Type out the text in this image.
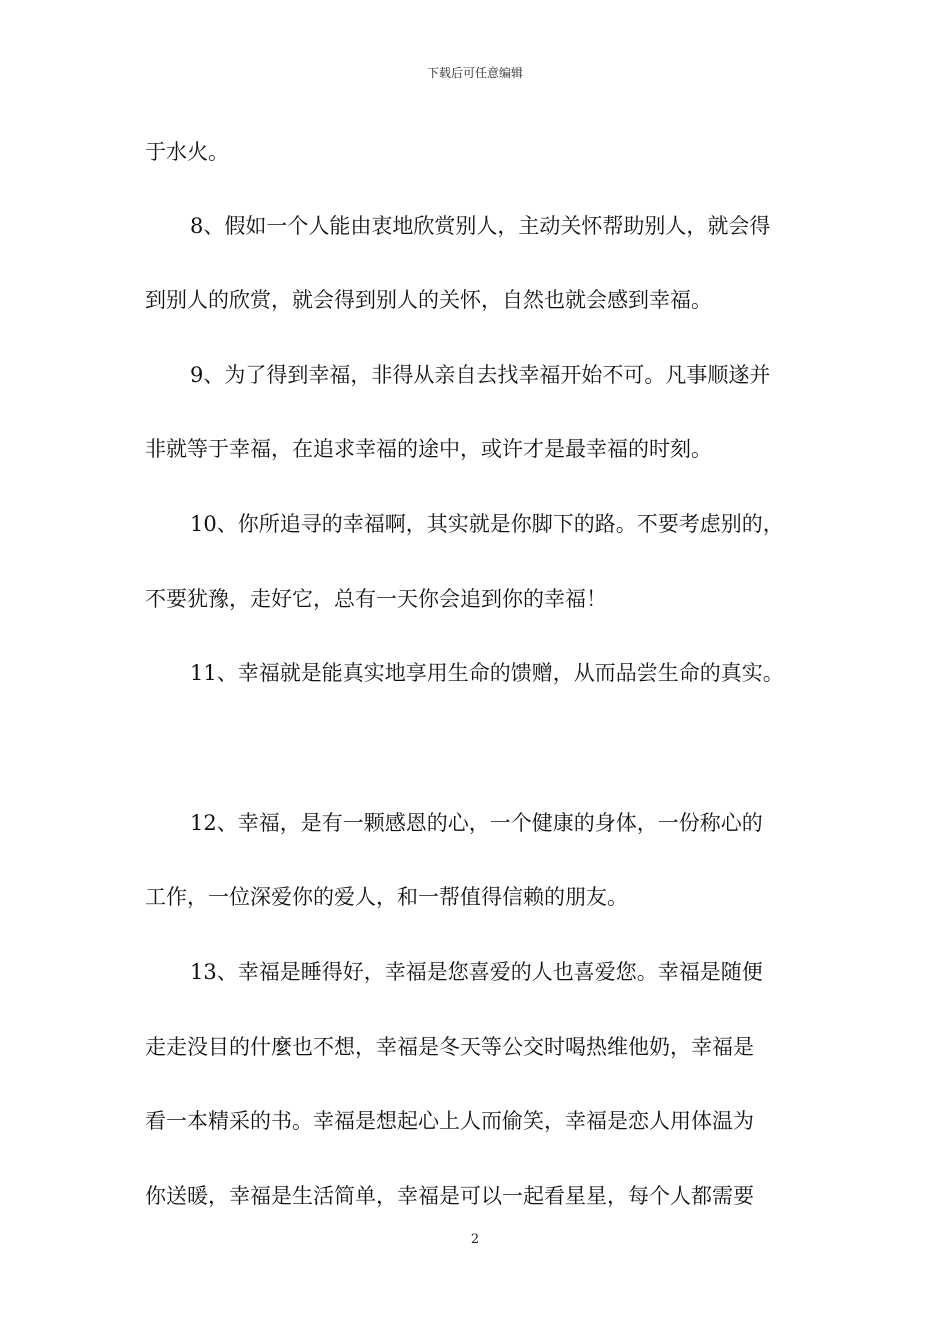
下载后可任意编辑
于水火。
8、假如一个人能由衷地欣赏别人，主动关怀帮助别人，就会得
到别人的欣赏，就会得到别人的关怀，自然也就会感到幸福。
9、为了得到幸福，非得从亲自去找幸福开始不可。凡事顺遂并
非就等于幸福，在追求幸福的途中，或许才是最幸福的时刻。
10、你所追寻的幸福啊，其实就是你脚下的路。不要考虑别的，
不要犹豫，走好它，总有一天你会追到你的幸福！
11、幸福就是能真实地享用生命的馈赠，从而品尝生命的真实。
12、幸福，是有一颗感恩的心，一个健康的身体，一份称心的
工作，一位深爱你的爱人，和一帮值得信赖的朋友。
13、幸福是睡得好，幸福是您喜爱的人也喜爱您。幸福是随便
走走没目的什麼也不想，幸福是冬天等公交时喝热维他奶，幸福是
看一本精采的书。幸福是想起心上人而偷笑，幸福是恋人用体温为
你送暖，幸福是生活简单，幸福是可以一起看星星，每个人都需要
2
